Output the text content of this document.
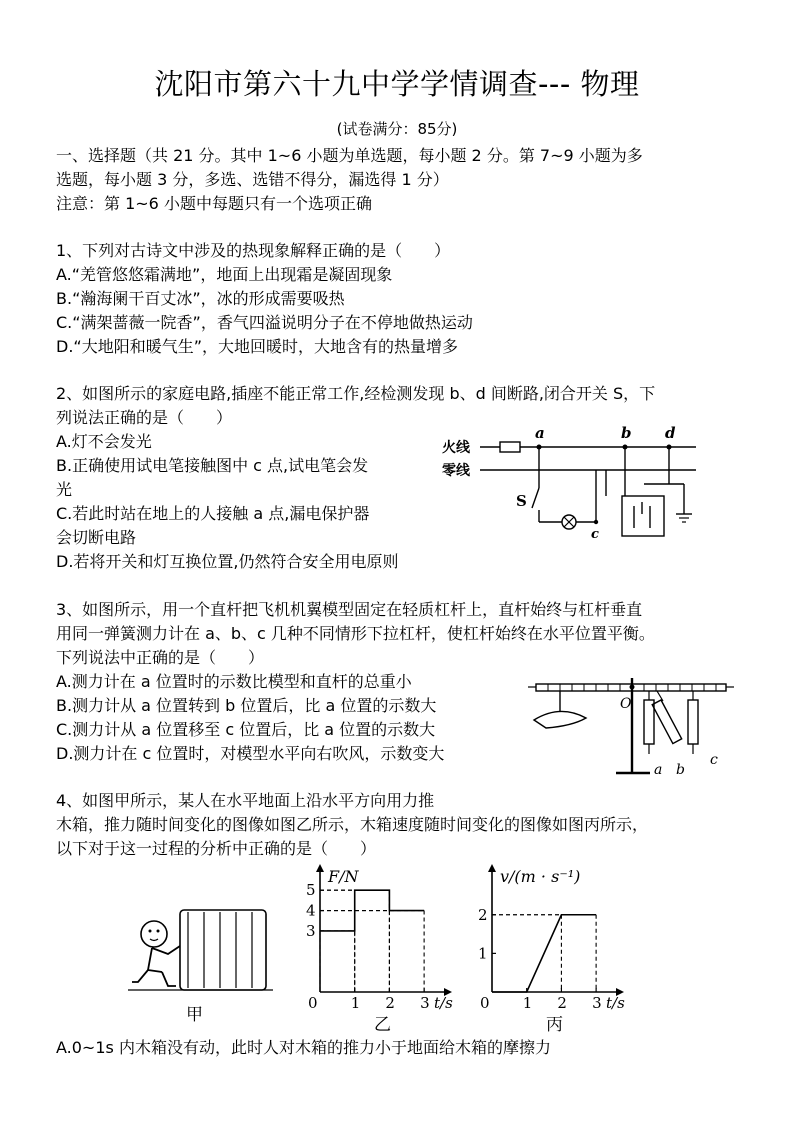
沈阳市第六十九中学学情调查--- 物理
(试卷满分：85分)
一、选择题（共 21 分。其中 1~6 小题为单选题，每小题 2 分。第 7~9 小题为多
选题，每小题 3 分，多选、选错不得分，漏选得 1 分）
注意：第 1~6 小题中每题只有一个选项正确
1、下列对古诗文中涉及的热现象解释正确的是（　　）
A.“羌管悠悠霜满地”，地面上出现霜是凝固现象
B.“瀚海阑干百丈冰”，冰的形成需要吸热
C.“满架蔷薇一院香”，香气四溢说明分子在不停地做热运动
D.“大地阳和暖气生”，大地回暖时，大地含有的热量增多
2、如图所示的家庭电路,插座不能正常工作,经检测发现 b、d 间断路,闭合开关 S，下
列说法正确的是（　　）
A.灯不会发光
B.正确使用试电笔接触图中 c 点,试电笔会发
光
C.若此时站在地上的人接触 a 点,漏电保护器
会切断电路
D.若将开关和灯互换位置,仍然符合安全用电原则
火线
零线
a	b d
S
c
3、如图所示，用一个直杆把飞机机翼模型固定在轻质杠杆上，直杆始终与杠杆垂直
用同一弹簧测力计在 a、b、c 几种不同情形下拉杠杆，使杠杆始终在水平位置平衡。
下列说法中正确的是（　　）
A.测力计在 a 位置时的示数比模型和直杆的总重小
B.测力计从 a 位置转到 b 位置后，比 a 位置的示数大
C.测力计从 a 位置移至 c 位置后，比 a 位置的示数大
D.测力计在 c 位置时，对模型水平向右吹风，示数变大
O
a b
c
4、如图甲所示，某人在水平地面上沿水平方向用力推
木箱，推力随时间变化的图像如图乙所示，木箱速度随时间变化的图像如图丙所示，
以下对于这一过程的分析中正确的是（　　）
甲
0 1 2 3
3
4
5
F/N
t/s
乙
0 1 2 3
1
2
v/(m · s⁻¹)
t/s
丙
A.0~1s 内木箱没有动，此时人对木箱的推力小于地面给木箱的摩擦力
